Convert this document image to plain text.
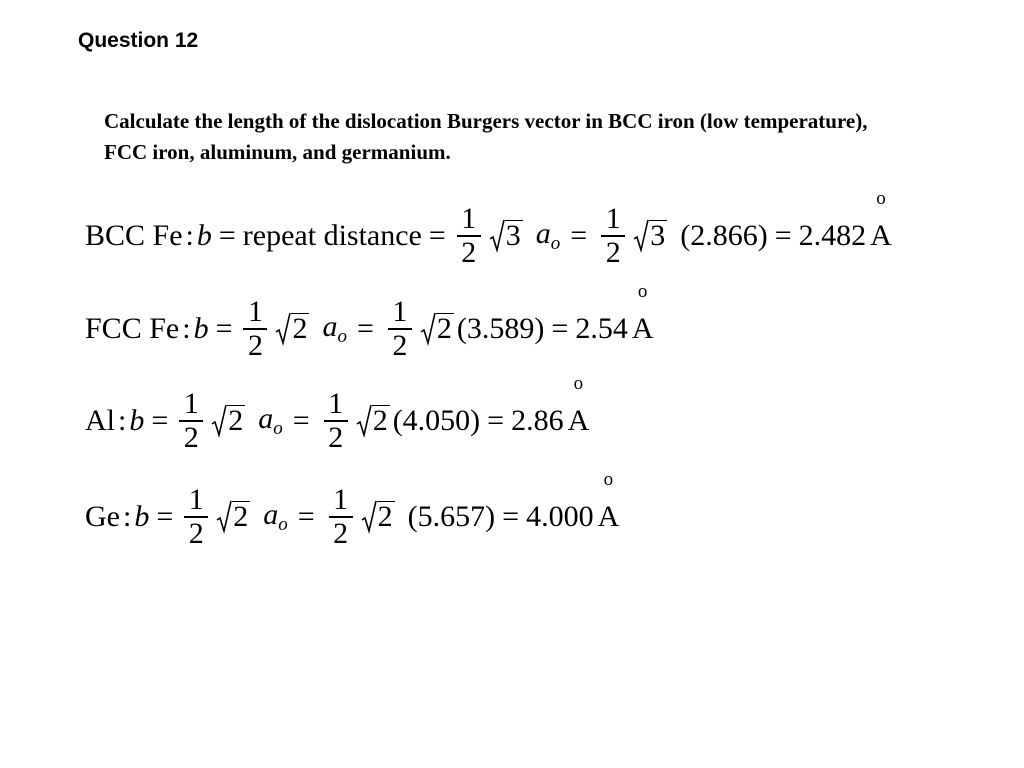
Question 12
Calculate the length of the dislocation Burgers vector in BCC iron (low temperature), FCC iron, aluminum, and germanium.
BCC Fe : b = repeat distance = $\frac{1}{2} 3$ $a_o = \frac{1}{2} 3$ (2.866) = 2.482
o
A
FCC Fe : $b = \frac{1}{2} 2$ $a_o = \frac{1}{2} 2$ (3.589) = 2.54
o
A
Al : $b = \frac{1}{2} 2$ $a_o = \frac{1}{2} 2$ (4.050) = 2.86
o
A
Ge : $b = \frac{1}{2} 2$ $a_o = \frac{1}{2} 2$ (5.657) = 4.000
o
A
